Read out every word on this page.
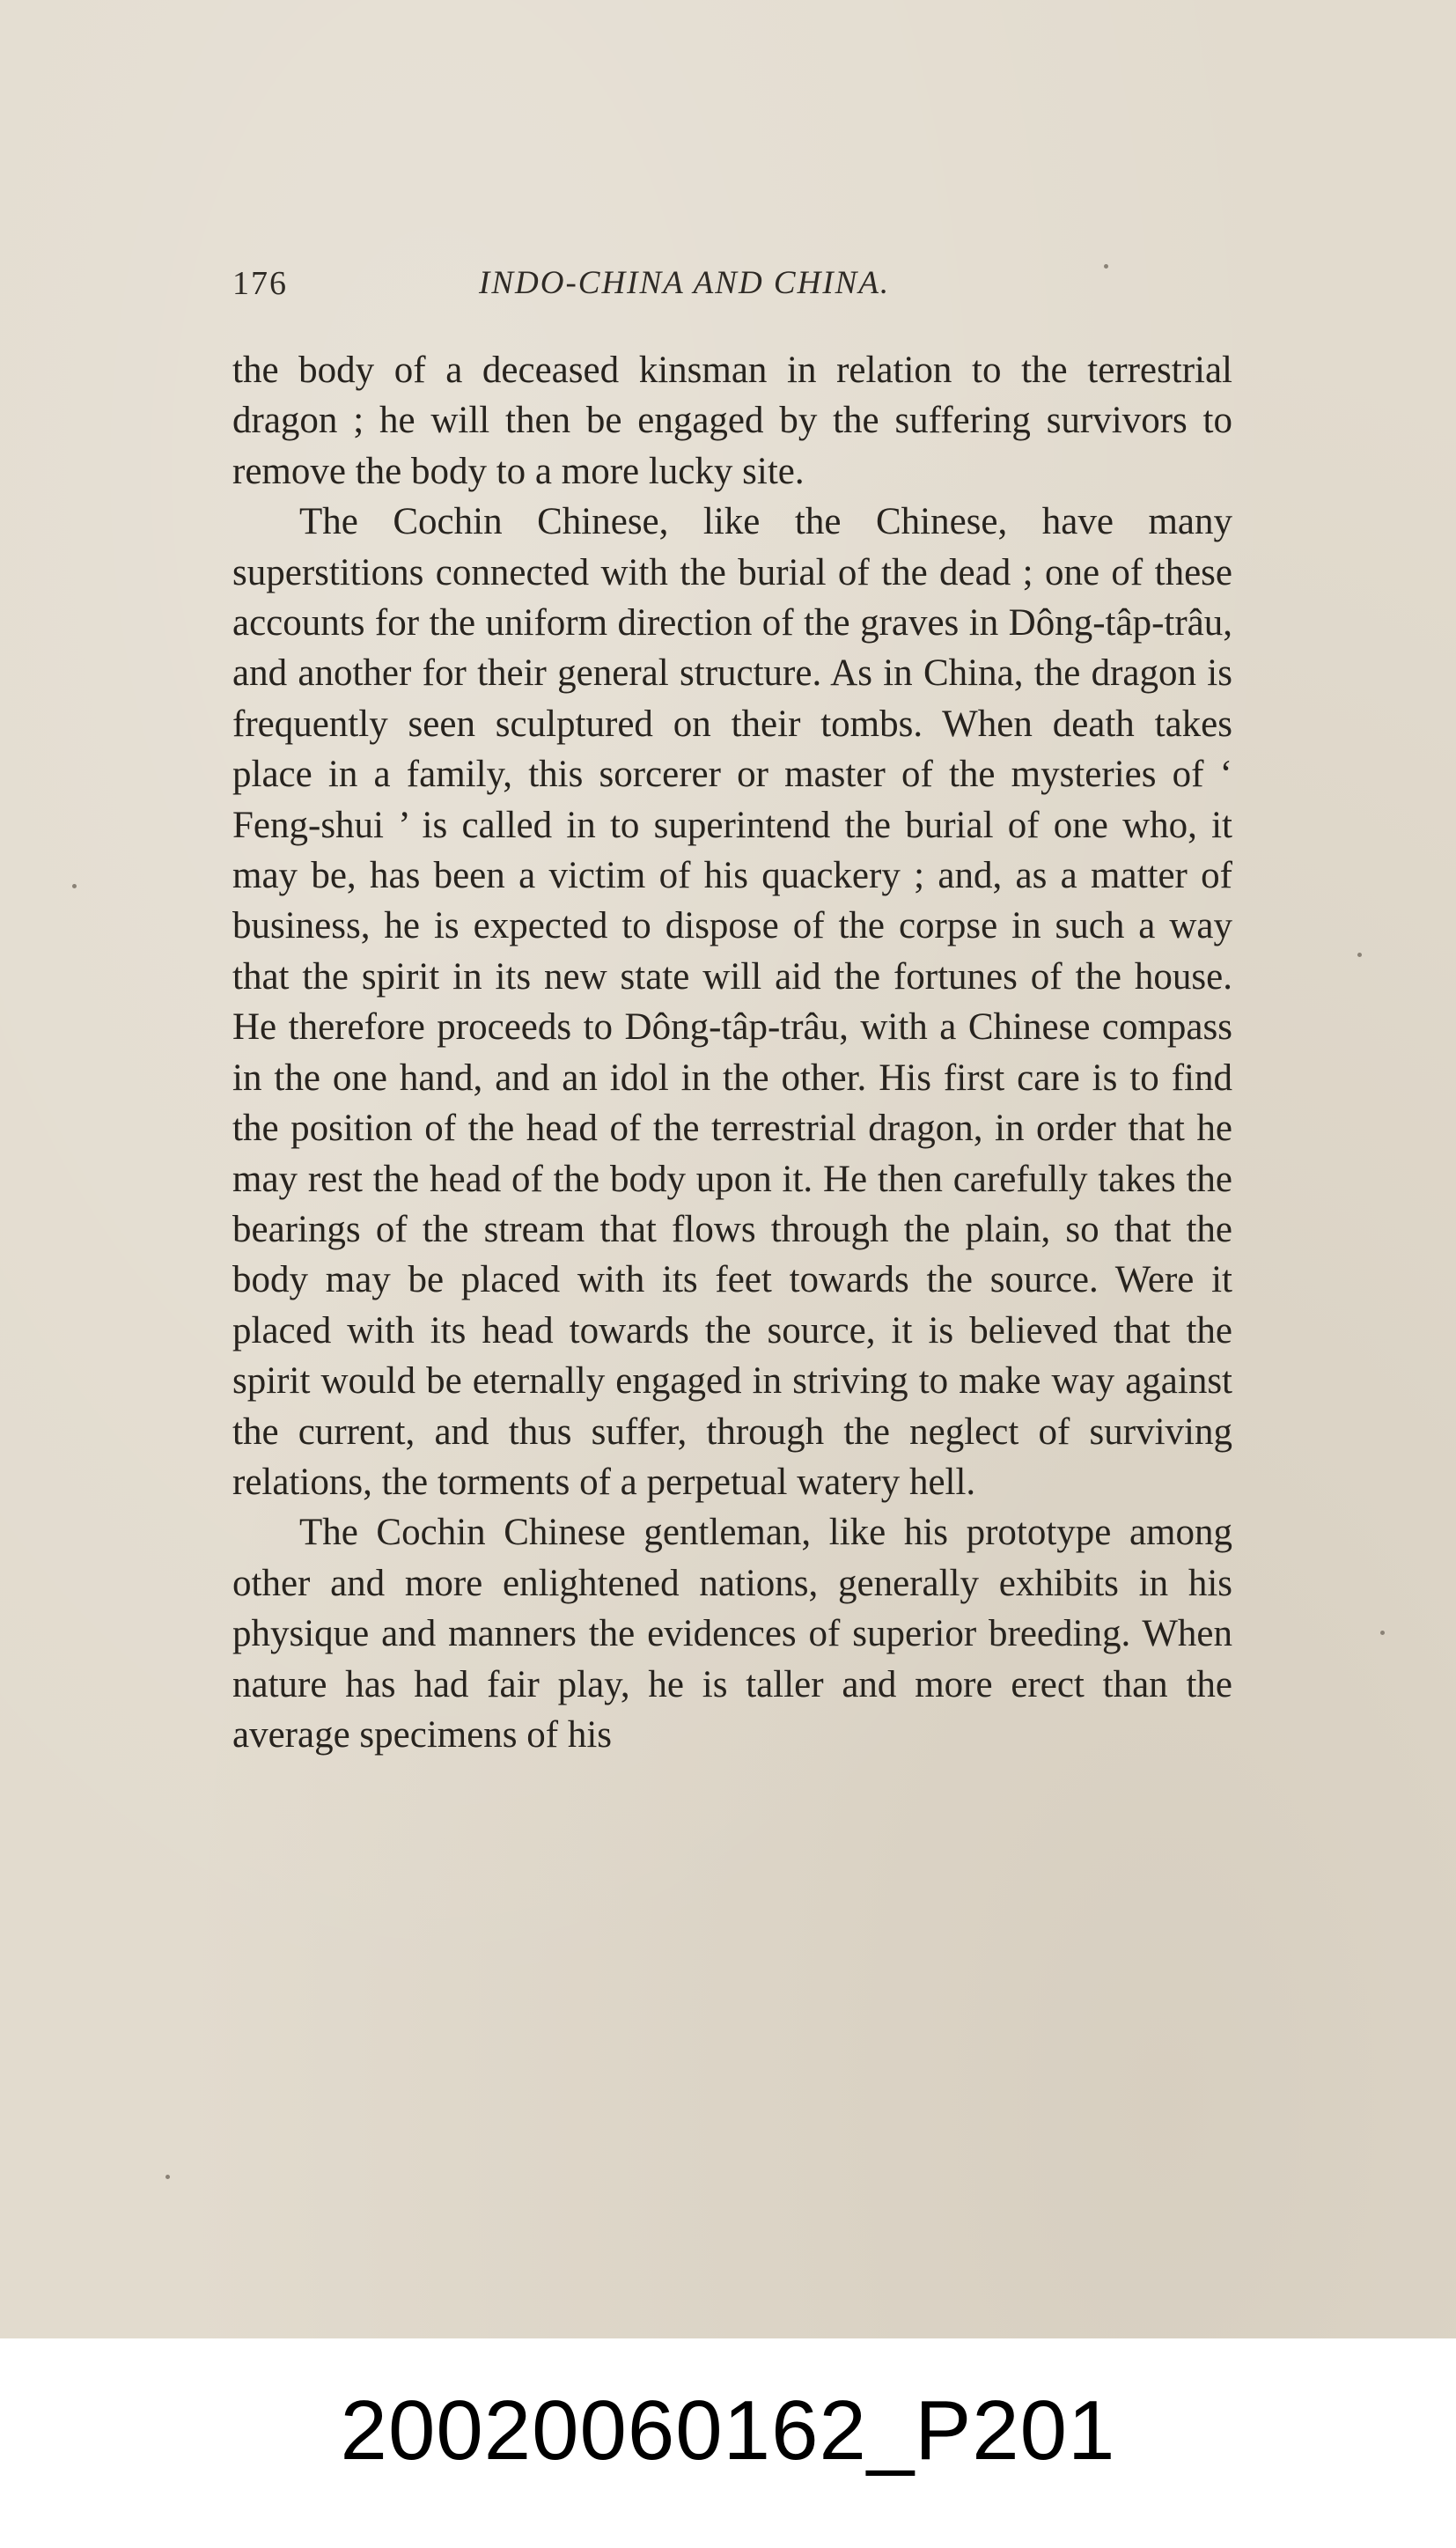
176	INDO-CHINA AND CHINA.

the body of a deceased kinsman in relation to the terrestrial dragon ; he will then be engaged by the suffering survivors to remove the body to a more lucky site.

The Cochin Chinese, like the Chinese, have many superstitions connected with the burial of the dead ; one of these accounts for the uniform direction of the graves in Dông-tâp-trâu, and another for their general structure. As in China, the dragon is frequently seen sculptured on their tombs. When death takes place in a family, this sorcerer or master of the mysteries of ‘ Feng-shui ’ is called in to superintend the burial of one who, it may be, has been a victim of his quackery ; and, as a matter of business, he is expected to dispose of the corpse in such a way that the spirit in its new state will aid the fortunes of the house. He therefore proceeds to Dông-tâp-trâu, with a Chinese compass in the one hand, and an idol in the other. His first care is to find the position of the head of the terrestrial dragon, in order that he may rest the head of the body upon it. He then carefully takes the bearings of the stream that flows through the plain, so that the body may be placed with its feet towards the source. Were it placed with its head towards the source, it is believed that the spirit would be eternally engaged in striving to make way against the current, and thus suffer, through the neglect of surviving relations, the torments of a perpetual watery hell.

The Cochin Chinese gentleman, like his prototype among other and more enlightened nations, generally exhibits in his physique and manners the evidences of superior breeding. When nature has had fair play, he is taller and more erect than the average specimens of his

20020060162_P201
